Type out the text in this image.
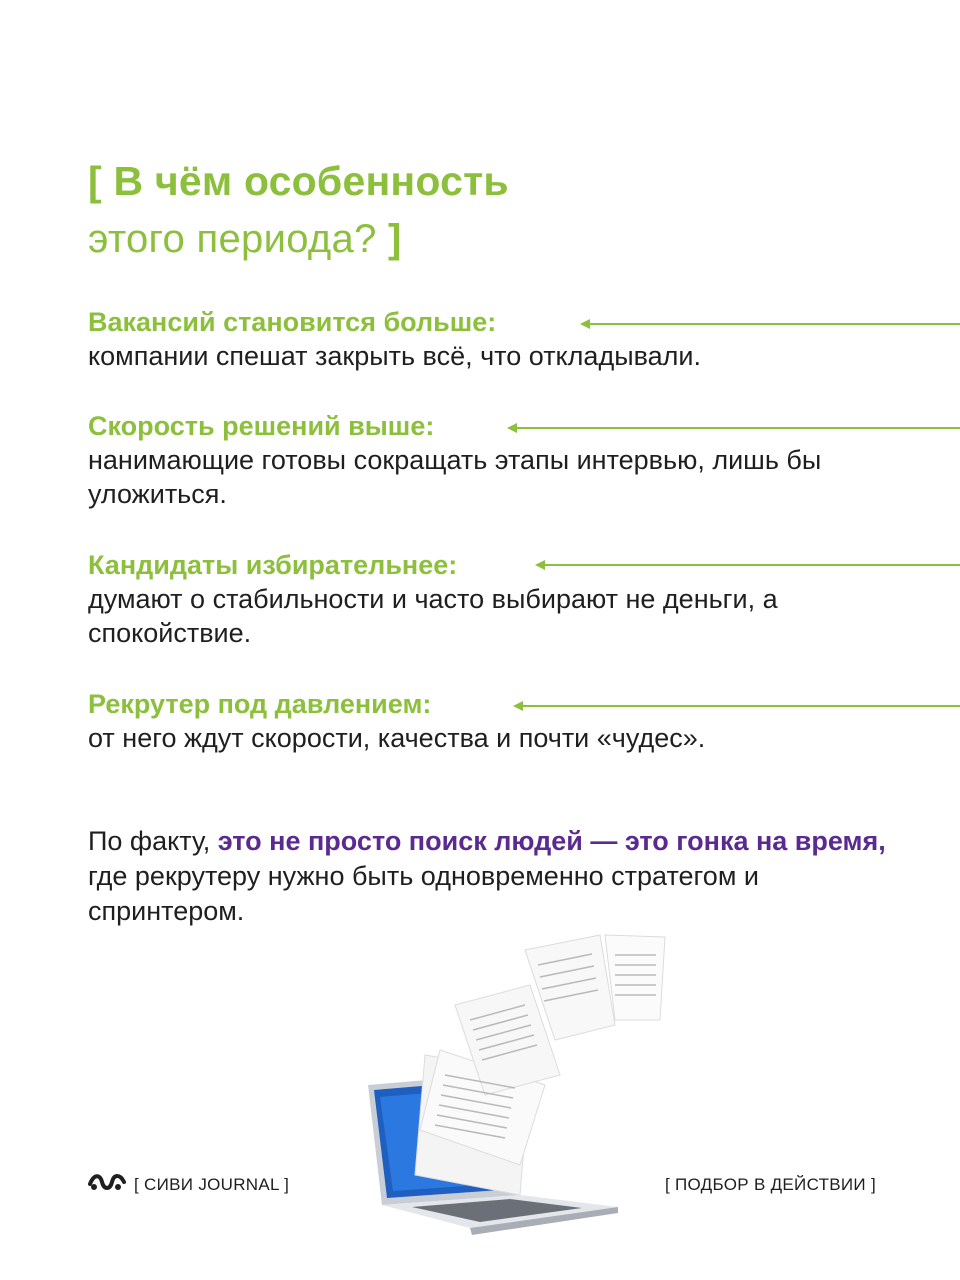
[ В чём особенность
этого периода? ]
Вакансий становится больше:
компании спешат закрыть всё, что откладывали.
Скорость решений выше:
нанимающие готовы сокращать этапы интервью, лишь бы уложиться.
Кандидаты избирательнее:
думают о стабильности и часто выбирают не деньги, а спокойствие.
Рекрутер под давлением:
от него ждут скорости, качества и почти «чудес».
По факту, это не просто поиск людей — это гонка на время, где рекрутеру нужно быть одновременно стратегом и спринтером.
[ СИВИ JOURNAL ]	[ ПОДБОР В ДЕЙСТВИИ ]
